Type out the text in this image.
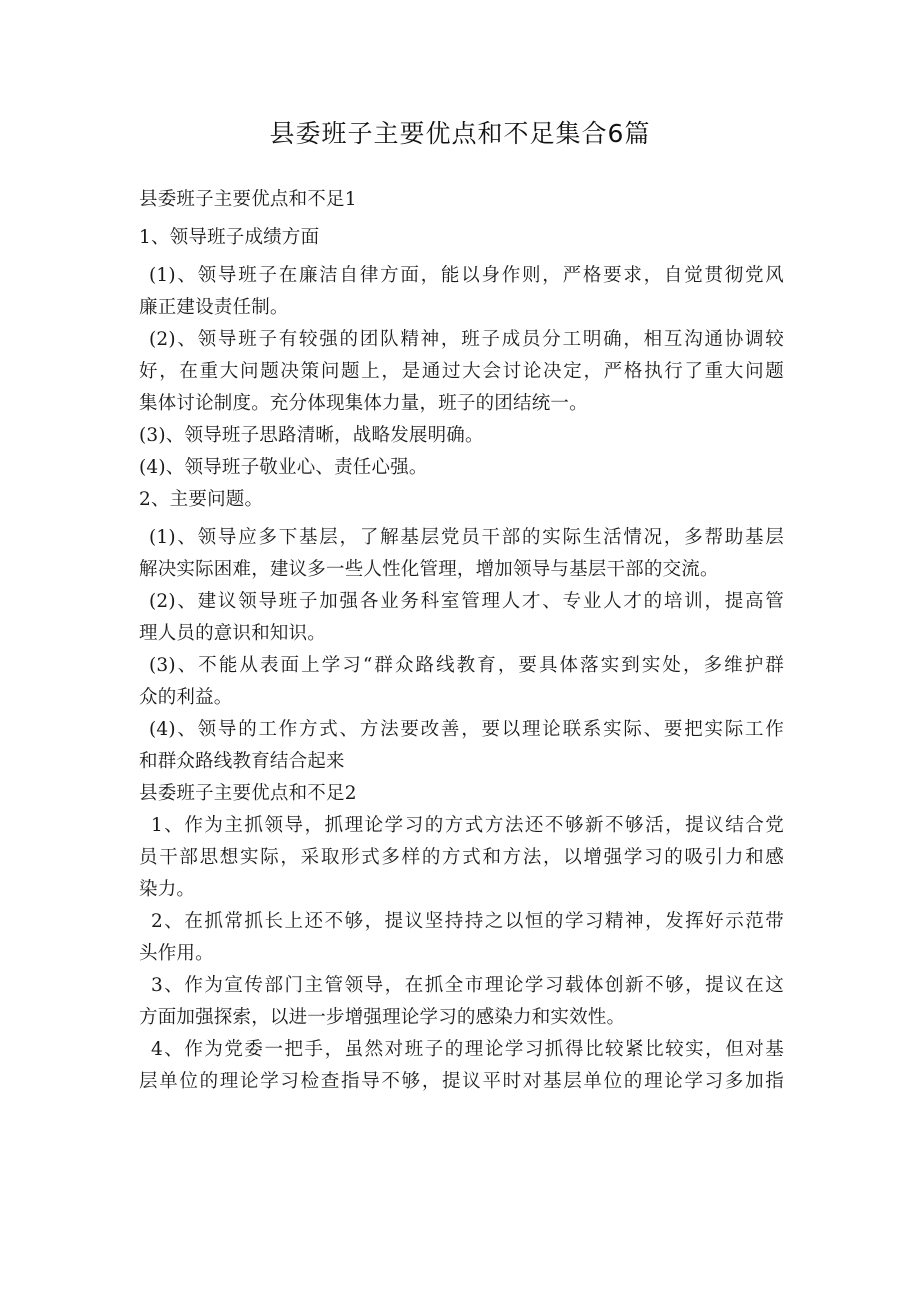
县委班子主要优点和不足集合6篇
县委班子主要优点和不足1
1、领导班子成绩方面
(1)、领导班子在廉洁自律方面，能以身作则，严格要求，自觉贯彻党风
廉正建设责任制。
(2)、领导班子有较强的团队精神，班子成员分工明确，相互沟通协调较
好，在重大问题决策问题上，是通过大会讨论决定，严格执行了重大问题
集体讨论制度。充分体现集体力量，班子的团结统一。
(3)、领导班子思路清晰，战略发展明确。
(4)、领导班子敬业心、责任心强。
2、主要问题。
(1)、领导应多下基层，了解基层党员干部的实际生活情况，多帮助基层
解决实际困难，建议多一些人性化管理，增加领导与基层干部的交流。
(2)、建议领导班子加强各业务科室管理人才、专业人才的培训，提高管
理人员的意识和知识。
(3)、不能从表面上学习“群众路线教育，要具体落实到实处，多维护群
众的利益。
(4)、领导的工作方式、方法要改善，要以理论联系实际、要把实际工作
和群众路线教育结合起来
县委班子主要优点和不足2
1、作为主抓领导，抓理论学习的方式方法还不够新不够活，提议结合党
员干部思想实际，采取形式多样的方式和方法，以增强学习的吸引力和感
染力。
2、在抓常抓长上还不够，提议坚持持之以恒的学习精神，发挥好示范带
头作用。
3、作为宣传部门主管领导，在抓全市理论学习载体创新不够，提议在这
方面加强探索，以进一步增强理论学习的感染力和实效性。
4、作为党委一把手，虽然对班子的理论学习抓得比较紧比较实，但对基
层单位的理论学习检查指导不够，提议平时对基层单位的理论学习多加指
